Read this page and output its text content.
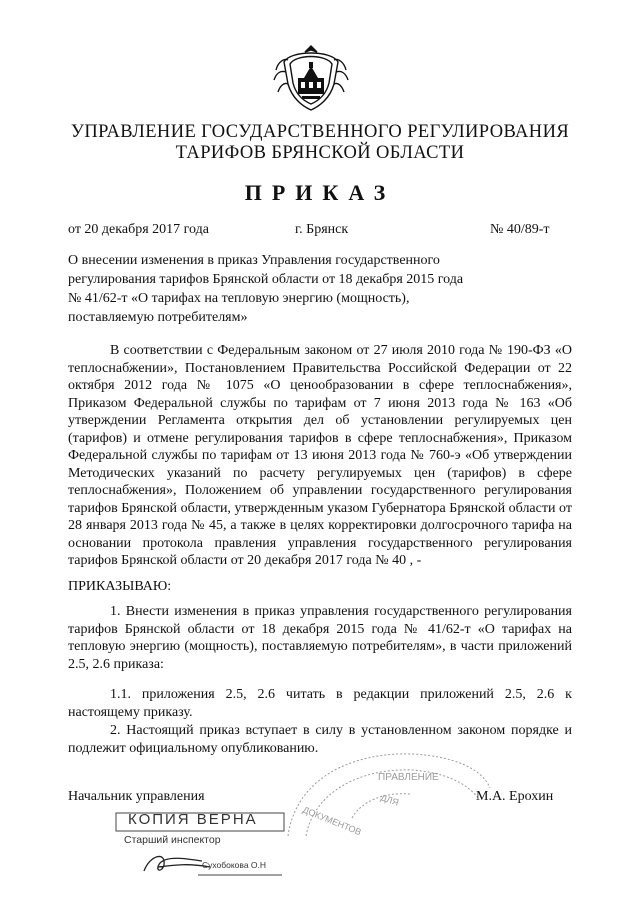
УПРАВЛЕНИЕ ГОСУДАРСТВЕННОГО РЕГУЛИРОВАНИЯ
ТАРИФОВ БРЯНСКОЙ ОБЛАСТИ
ПРИКАЗ
от 20 декабря 2017 года	г. Брянск	№ 40/89-т
О внесении изменения в приказ Управления государственного
регулирования тарифов Брянской области от 18 декабря 2015 года
№ 41/62-т «О тарифах на тепловую энергию (мощность),
поставляемую потребителям»

В соответствии с Федеральным законом от 27 июля 2010 года № 190-ФЗ «О теплоснабжении», Постановлением Правительства Российской Федерации от 22 октября 2012 года № 1075 «О ценообразовании в сфере теплоснабжения», Приказом Федеральной службы по тарифам от 7 июня 2013 года № 163 «Об утверждении Регламента открытия дел об установлении регулируемых цен (тарифов) и отмене регулирования тарифов в сфере теплоснабжения», Приказом Федеральной службы по тарифам от 13 июня 2013 года № 760-э «Об утверждении Методических указаний по расчету регулируемых цен (тарифов) в сфере теплоснабжения», Положением об управлении государственного регулирования тарифов Брянской области, утвержденным указом Губернатора Брянской области от 28 января 2013 года № 45, а также в целях корректировки долгосрочного тарифа на основании протокола правления управления государственного регулирования тарифов Брянской области от 20 декабря 2017 года № 40 , -

ПРИКАЗЫВАЮ:

1. Внести изменения в приказ управления государственного регулирования тарифов Брянской области от 18 декабря 2015 года № 41/62-т «О тарифах на тепловую энергию (мощность), поставляемую потребителям», в части приложений 2.5, 2.6 приказа:

1.1. приложения 2.5, 2.6 читать в редакции приложений 2.5, 2.6 к настоящему приказу.

2. Настоящий приказ вступает в силу в установленном законом порядке и подлежит официальному опубликованию.

ДЛЯ
ДОКУМЕНТОВ
ПРАВЛЕНИЕ
Начальник управления	М.А. Ерохин
КОПИЯ ВЕРНА
Старший инспектор
Сухобокова О.Н
